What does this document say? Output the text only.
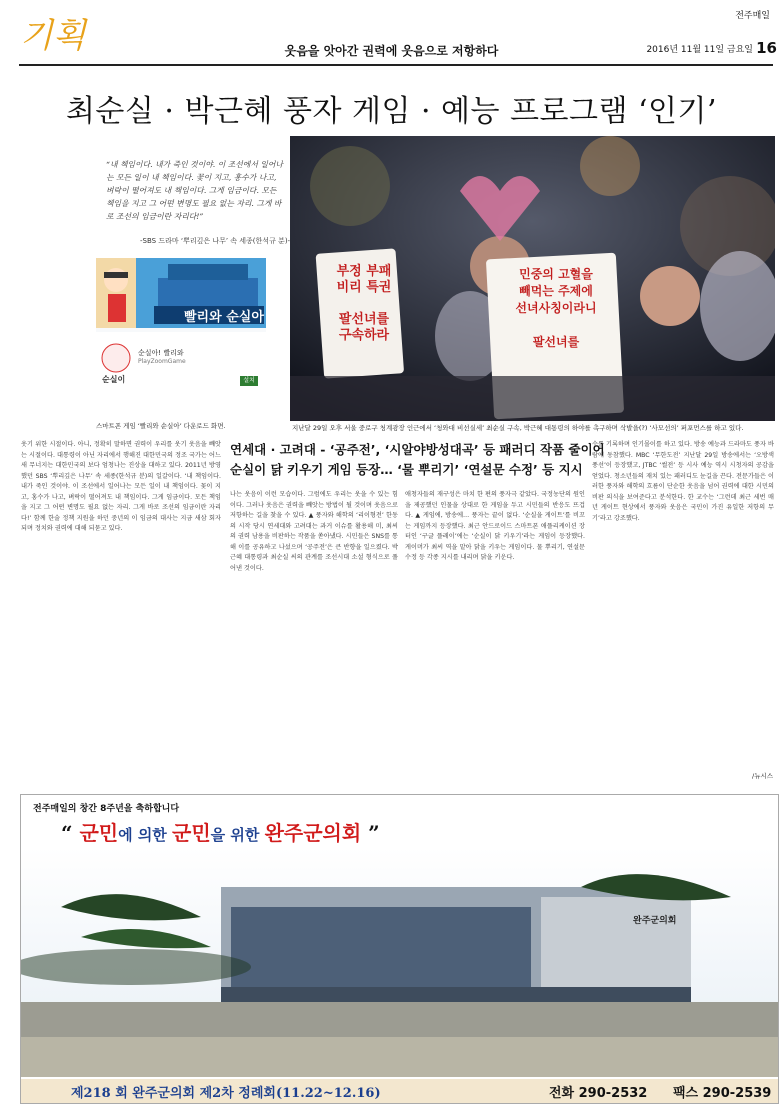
기획	웃음을 앗아간 권력에 웃음으로 저항하다
전주매일
2016년 11월 11일 금요일 16
최순실 · 박근혜 풍자 게임 · 예능 프로그램 ‘인기’
“내 책임이다. 내가 죽인 것이야. 이 조선에서 일어나는 모든 일이 내 책임이다. 꽃이 지고, 홍수가 나고, 벼락이 떨어져도 내 책임이다. 그게 임금이다. 모든 책임을 지고 그 어떤 변명도 필요 없는 자리. 그게 바로 조선의 임금이란 자리다!”
-SBS 드라마 ‘뿌리깊은 나무’ 속 세종(한석규 분)-
빨리와 순실아
순실이
순실아! 빨리와
PlayZoomGame
설치
스마트폰 게임 ‘빨리와 순실아’ 다운로드 화면.
부정 부패
비리 특권

팔선녀를
구속하라
민중의 고혈을
빼먹는 주제에
선녀사칭이라니

팔선녀를
지난달 29일 오후 서울 중로구 청계광장 인근에서 ‘청와대 비선실세’ 최순실 구속, 박근혜 대통령의 하야를 촉구하며 삭발을(?) ‘사모선의’ 퍼포먼스를 하고 있다.
연세대 · 고려대 - ‘공주전’, ‘시알야방성대곡’ 등 패러디 작품 줄이어
순실이 닭 키우기 게임 등장… ‘물 뿌리기’ ‘연설문 수정’ 등 지시
웃기 위한 시절이다. 아니, 정확히 말하면 권력이 우리를 웃기 웃음을 빼앗는 시절이다. 대통령이 아닌 자리에서 행해진 대한민국의 정조 국가는 어느새 무너지는 대한민국의 보다 엄청나는 진상을 대하고 있다. 2011년 방영했던 SBS ‘뿌리깊은 나무’ 속 세종(한석규 분)의 일갈이다. ‘내 책임이다. 내가 죽인 것이야. 이 조선에서 일어나는 모든 일이 내 책임이다. 꽃이 지고, 홍수가 나고, 벼락이 떨어져도 내 책임이다. 그게 임금이다. 모든 책임을 지고 그 어떤 변명도 필요 없는 자리. 그게 바로 조선의 임금이란 자리다!’ 함께 한술 정책 지원을 하던 중년의 이 임금의 대사는 지금 새삼 회자되며 정치와 권력에 대해 되묻고 있다.
나는 웃음이 이런 모습이다. 그럼에도 우리는 웃을 수 있는 힘이다. 그러나 웃음은 권력을 빼앗는 방법이 될 것이며 웃음으로 저항하는 길을 찾을 수 있다. ▲ 풍자와 해학의 ‘리이형전’ 한동의 시작 당시 연세대와 고려대는 과거 이슈를 활용해 미, 최씨의 권력 남용을 비판하는 작품을 쏟아냈다. 시민들은 SNS를 통해 이를 공유하고 나섰으며 ‘공주전’은 큰 반향을 일으켰다. 박근혜 대통령과 최순실 씨의 관계를 조선시대 소설 형식으로 풀어낸 것이다.
애청자들의 재구성은 마치 한 편의 풍자극 같았다. 국정농단의 원인을 제공했던 인물을 상대로 한 게임을 두고 시민들의 반응도 뜨겁다. ▲ 게임에, 방송에… 풍자는 끝이 없다. ‘순실을 게이트’를 비꼬는 게임까지 등장했다. 최근 안드로이드 스마트폰 애플리케이션 장터인 ‘구글 플레이’에는 ‘순실이 닭 키우기’라는 게임이 등장했다. 게이머가 최씨 역을 맡아 닭을 키우는 게임이다. 물 뿌리기, 연설문 수정 등 각종 지시를 내리며 닭을 키운다.
수를 기록하며 인기몰이를 하고 있다. 방송 예능과 드라마도 풍자 바람에 동참했다. MBC ‘무한도전’ 지난달 29일 방송에서는 ‘오방색 풍선’이 등장했고, JTBC ‘썰전’ 등 시사 예능 역시 시청자의 공감을 얻었다. 청소년들의 재치 있는 패러디도 눈길을 끈다. 전문가들은 이러한 풍자와 해학의 흐름이 단순한 웃음을 넘어 권력에 대한 시민의 비판 의식을 보여준다고 분석한다. 한 교수는 ‘그런데 최근 세번 매년 게이트 현상에서 풍자와 웃음은 국민이 가진 유일한 저항의 무기’라고 강조했다.
/뉴시스
전주매일의 창간 8주년을 축하합니다
“ 군민에 의한 군민을 위한 완주군의회 ”
완주군의회
제218 회 완주군의회 제2차 정례회(11.22~12.16)	전화 290-2532 팩스 290-2539
